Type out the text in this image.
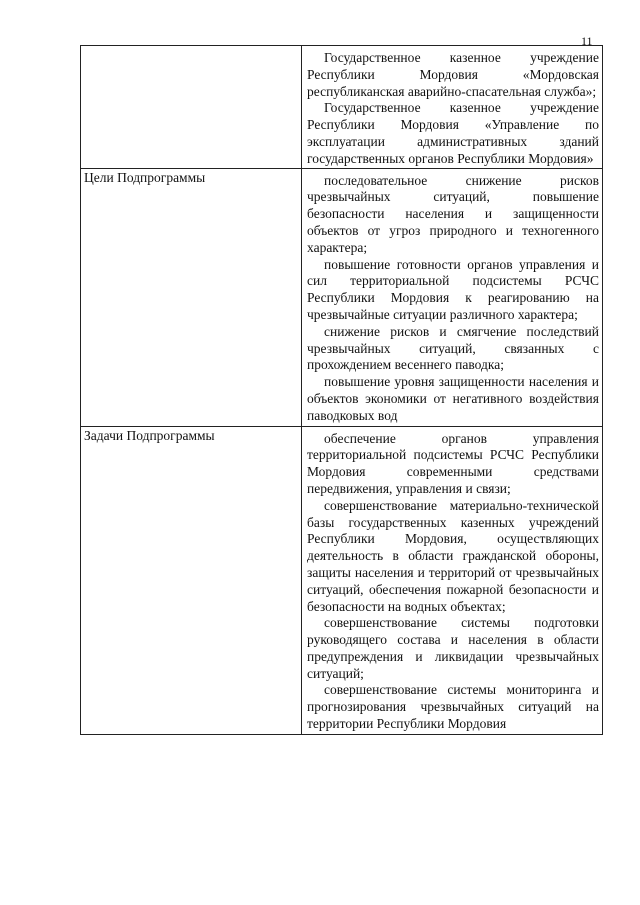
11

	Государственное казенное учреждение Республики Мордовия «Мордовская республиканская аварийно-спасательная служба»;

Государственное казенное учреждение Республики Мордовия «Управление по эксплуатации административных зданий государственных органов Республики Мордовия»

Цели Подпрограммы	последовательное снижение рисков чрезвычайных ситуаций, повышение безопасности населения и защищенности объектов от угроз природного и техногенного характера;

повышение готовности органов управления и сил территориальной подсистемы РСЧС Республики Мордовия к реагированию на чрезвычайные ситуации различного характера;

снижение рисков и смягчение последствий чрезвычайных ситуаций, связанных с прохождением весеннего паводка;

повышение уровня защищенности населения и объектов экономики от негативного воздействия паводковых вод

Задачи Подпрограммы	обеспечение органов управления территориальной подсистемы РСЧС Республики Мордовия современными средствами передвижения, управления и связи;

совершенствование материально-технической базы государственных казенных учреждений Республики Мордовия, осуществляющих деятельность в области гражданской обороны, защиты населения и территорий от чрезвычайных ситуаций, обеспечения пожарной безопасности и безопасности на водных объектах;

совершенствование системы подготовки руководящего состава и населения в области предупреждения и ликвидации чрезвычайных ситуаций;

совершенствование системы мониторинга и прогнозирования чрезвычайных ситуаций на территории Республики Мордовия
